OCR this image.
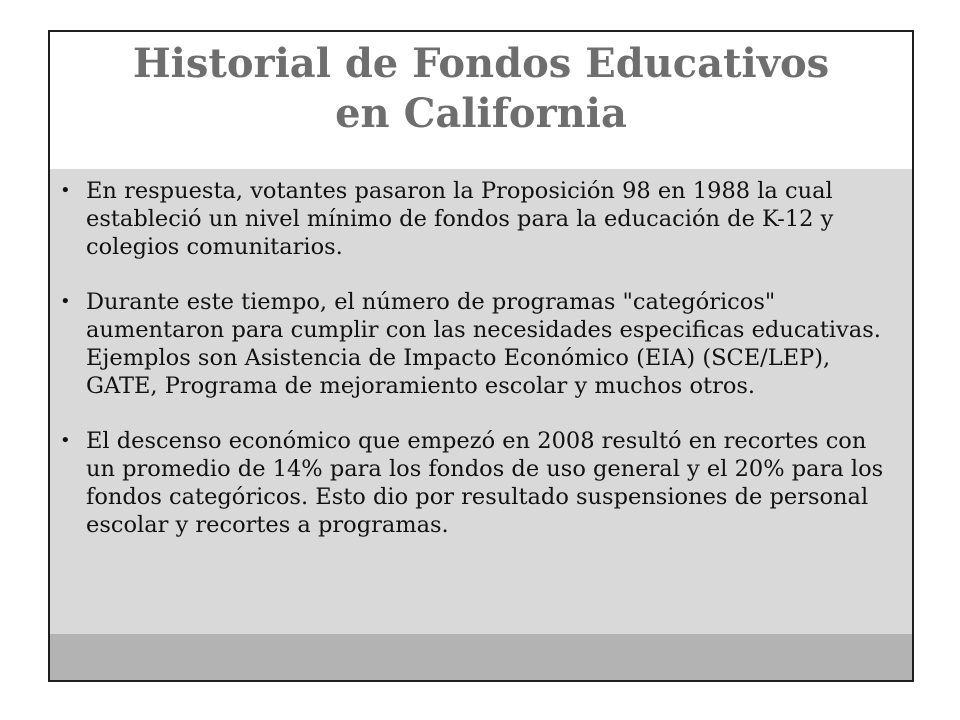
Historial de Fondos Educativos
en California
• En respuesta, votantes pasaron la Proposición 98 en 1988 la cual estableció un nivel mínimo de fondos para la educación de K-12 y colegios comunitarios.
• Durante este tiempo, el número de programas "categóricos" aumentaron para cumplir con las necesidades especificas educativas. Ejemplos son Asistencia de Impacto Económico (EIA) (SCE/LEP), GATE, Programa de mejoramiento escolar y muchos otros.
• El descenso económico que empezó en 2008 resultó en recortes con un promedio de 14% para los fondos de uso general y el 20% para los fondos categóricos. Esto dio por resultado suspensiones de personal escolar y recortes a programas.
